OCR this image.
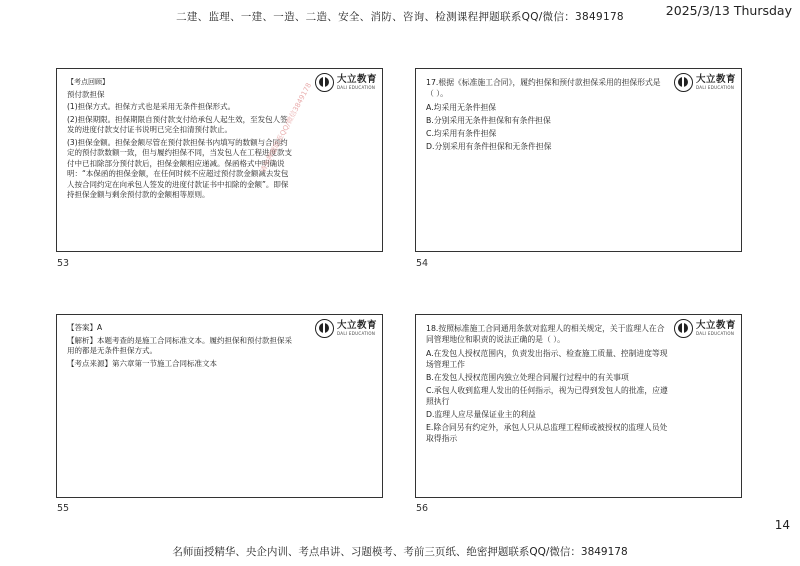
2025/3/13 Thursday
二建、监理、一建、一造、二造、安全、消防、咨询、检测课程押题联系QQ/微信：3849178

【考点回顾】

预付款担保

(1)担保方式。担保方式也是采用无条件担保形式。

(2)担保期限。担保期限自预付款支付给承包人起生效，至发包人签发的进度付款支付证书说明已完全扣清预付款止。

(3)担保金额。担保金额尽管在预付款担保书内填写的数额与合同约定的预付款数额一致，但与履约担保不同，当发包人在工程进度款支付中已扣除部分预付款后，担保金额相应递减。保函格式中明确说明：“本保函的担保金额，在任何时候不应超过预付款金额减去发包人按合同约定在向承包人签发的进度付款证书中扣除的金额”。即保持担保金额与剩余预付款的金额相等原则。

大立教育
DALI EDUCATION
53

17.根据《标准施工合同》，履约担保和预付款担保采用的担保形式是（ ）。

A.均采用无条件担保

B.分别采用无条件担保和有条件担保

C.均采用有条件担保

D.分别采用有条件担保和无条件担保

大立教育
DALI EDUCATION
54

【答案】A

【解析】本题考查的是施工合同标准文本。履约担保和预付款担保采用的都是无条件担保方式。

【考点来源】第六章第一节施工合同标准文本

大立教育
DALI EDUCATION
55

18.按照标准施工合同通用条款对监理人的相关规定，关于监理人在合同管理地位和职责的说法正确的是（ ）。

A.在发包人授权范围内，负责发出指示、检查施工质量、控制进度等现场管理工作

B.在发包人授权范围内独立处理合同履行过程中的有关事项

C.承包人收到监理人发出的任何指示，视为已得到发包人的批准，应遵照执行

D.监理人应尽量保证业主的利益

E.除合同另有约定外，承包人只从总监理工程师或被授权的监理人员处取得指示

大立教育
DALI EDUCATION
56
请勿押题联系QQ/微信3849178
14
名师面授精华、央企内训、考点串讲、习题模考、考前三页纸、绝密押题联系QQ/微信：3849178
